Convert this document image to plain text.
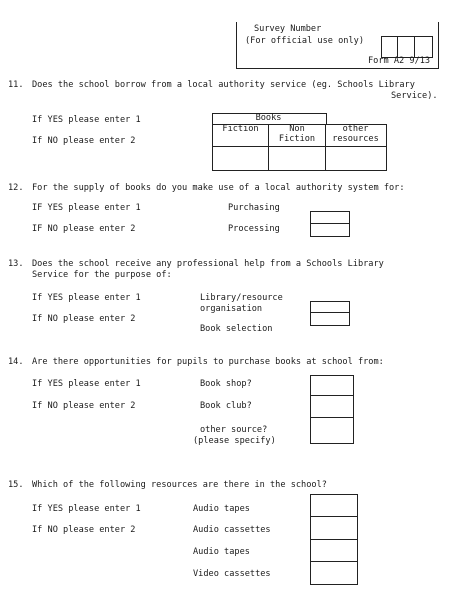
Survey Number
(For official use only)
Form A2 9/13
11. Does the school borrow from a local authority service (eg. Schools Library
Service).
If YES please enter 1
If NO please enter 2
Books
Fiction	Non
Fiction
other
resources
12. For the supply of books do you make use of a local authority system for:
IF YES please enter 1
IF NO please enter 2
Purchasing
Processing
13. Does the school receive any professional help from a Schools Library
Service for the purpose of:
If YES please enter 1
If NO please enter 2
Library/resource
organisation
Book selection
14. Are there opportunities for pupils to purchase books at school from:
If YES please enter 1
If NO please enter 2
Book shop?
Book club?
other source?
(please specify)
15. Which of the following resources are there in the school?
If YES please enter 1
If NO please enter 2
Audio tapes
Audio cassettes
Audio tapes
Video cassettes
